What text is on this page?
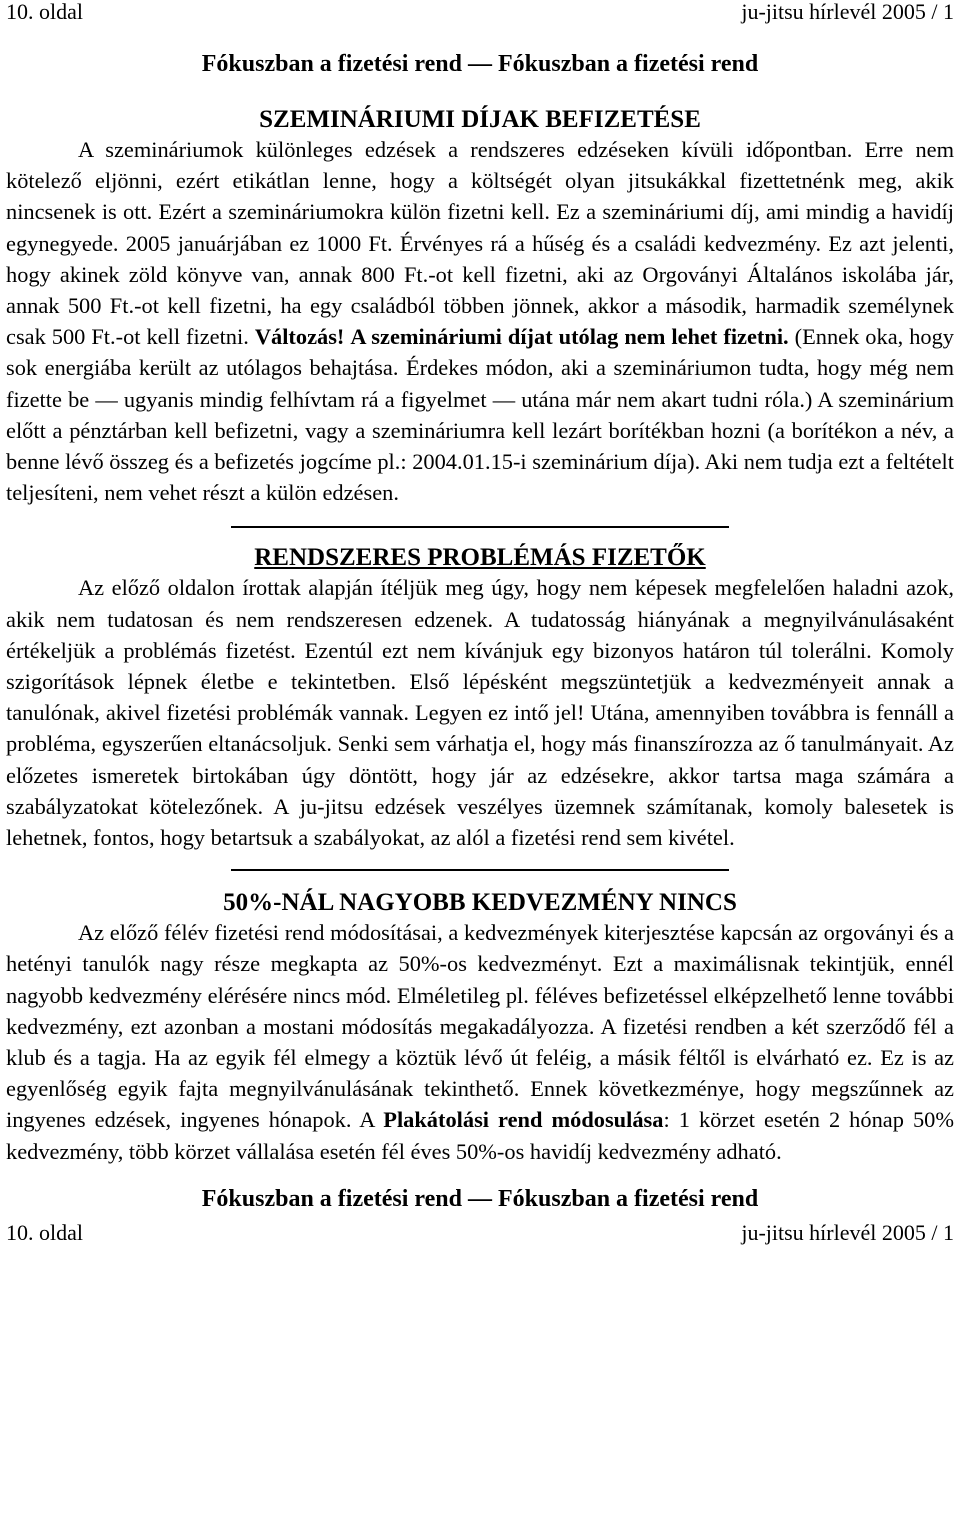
10. oldal	ju-jitsu hírlevél 2005 / 1
Fókuszban a fizetési rend — Fókuszban a fizetési rend
SZEMINÁRIUMI DÍJAK BEFIZETÉSE

A szemináriumok különleges edzések a rendszeres edzéseken kívüli időpontban. Erre nem kötelező eljönni, ezért etikátlan lenne, hogy a költségét olyan jitsukákkal fizettetnénk meg, akik nincsenek is ott. Ezért a szemináriumokra külön fizetni kell. Ez a szemináriumi díj, ami mindig a havidíj egynegyede. 2005 januárjában ez 1000 Ft. Érvényes rá a hűség és a családi kedvezmény. Ez azt jelenti, hogy akinek zöld könyve van, annak 800 Ft.-ot kell fizetni, aki az Orgoványi Általános iskolába jár, annak 500 Ft.-ot kell fizetni, ha egy családból többen jönnek, akkor a második, harmadik személynek csak 500 Ft.-ot kell fizetni. Változás! A szemináriumi díjat utólag nem lehet fizetni. (Ennek oka, hogy sok energiába került az utólagos behajtása. Érdekes módon, aki a szemináriumon tudta, hogy még nem fizette be — ugyanis mindig felhívtam rá a figyelmet — utána már nem akart tudni róla.) A szeminárium előtt a pénztárban kell befizetni, vagy a szemináriumra kell lezárt borítékban hozni (a borítékon a név, a benne lévő összeg és a befizetés jogcíme pl.: 2004.01.15-i szeminárium díja). Aki nem tudja ezt a feltételt teljesíteni, nem vehet részt a külön edzésen.

RENDSZERES PROBLÉMÁS FIZETŐK

Az előző oldalon írottak alapján ítéljük meg úgy, hogy nem képesek megfelelően haladni azok, akik nem tudatosan és nem rendszeresen edzenek. A tudatosság hiányának a megnyilvánulásaként értékeljük a problémás fizetést. Ezentúl ezt nem kívánjuk egy bizonyos határon túl tolerálni. Komoly szigorítások lépnek életbe e tekintetben. Első lépésként megszüntetjük a kedvezményeit annak a tanulónak, akivel fizetési problémák vannak. Legyen ez intő jel! Utána, amennyiben továbbra is fennáll a probléma, egyszerűen eltanácsoljuk. Senki sem várhatja el, hogy más finanszírozza az ő tanulmányait. Az előzetes ismeretek birtokában úgy döntött, hogy jár az edzésekre, akkor tartsa maga számára a szabályzatokat kötelezőnek. A ju-jitsu edzések veszélyes üzemnek számítanak, komoly balesetek is lehetnek, fontos, hogy betartsuk a szabályokat, az alól a fizetési rend sem kivétel.

50%-NÁL NAGYOBB KEDVEZMÉNY NINCS

Az előző félév fizetési rend módosításai, a kedvezmények kiterjesztése kapcsán az orgoványi és a hetényi tanulók nagy része megkapta az 50%-os kedvezményt. Ezt a maximálisnak tekintjük, ennél nagyobb kedvezmény elérésére nincs mód. Elméletileg pl. féléves befizetéssel elképzelhető lenne további kedvezmény, ezt azonban a mostani módosítás megakadályozza. A fizetési rendben a két szerződő fél a klub és a tagja. Ha az egyik fél elmegy a köztük lévő út feléig, a másik féltől is elvárható ez. Ez is az egyenlőség egyik fajta megnyilvánulásának tekinthető. Ennek következménye, hogy megszűnnek az ingyenes edzések, ingyenes hónapok. A Plakátolási rend módosulása: 1 körzet esetén 2 hónap 50% kedvezmény, több körzet vállalása esetén fél éves 50%-os havidíj kedvezmény adható.

Fókuszban a fizetési rend — Fókuszban a fizetési rend
10. oldal	ju-jitsu hírlevél 2005 / 1
